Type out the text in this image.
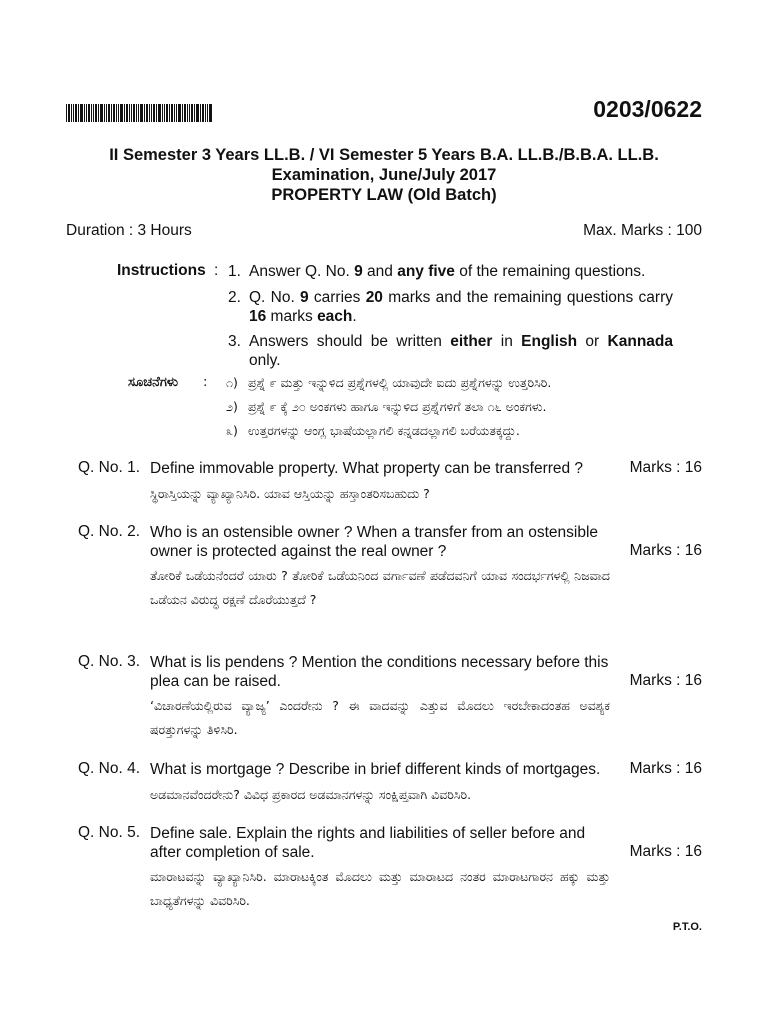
0203/0622
II Semester 3 Years LL.B. / VI Semester 5 Years B.A. LL.B./B.B.A. LL.B.
Examination, June/July 2017
PROPERTY LAW (Old Batch)
Duration : 3 Hours	Max. Marks : 100
Instructions : 1. Answer Q. No. 9 and any five of the remaining questions.
2. Q. No. 9 carries 20 marks and the remaining questions carry 16 marks each.
3. Answers should be written either in English or Kannada only.
ಸೂಚನೆಗಳು : ೧) ಪ್ರಶ್ನೆ ೯ ಮತ್ತು ಇನ್ನುಳಿದ ಪ್ರಶ್ನೆಗಳಲ್ಲಿ ಯಾವುದೇ ಐದು ಪ್ರಶ್ನೆಗಳನ್ನು ಉತ್ತರಿಸಿರಿ.
೨) ಪ್ರಶ್ನೆ ೯ ಕ್ಕೆ ೨೦ ಅಂಕಗಳು ಹಾಗೂ ಇನ್ನುಳಿದ ಪ್ರಶ್ನೆಗಳಿಗೆ ತಲಾ ೧೬ ಅಂಕಗಳು.
೩) ಉತ್ತರಗಳನ್ನು ಆಂಗ್ಲ ಭಾಷೆಯಲ್ಲಾಗಲಿ ಕನ್ನಡದಲ್ಲಾಗಲಿ ಬರೆಯತಕ್ಕದ್ದು.
Q. No. 1. Define immovable property. What property can be transferred ?	Marks : 16
ಸ್ಥಿರಾಸ್ತಿಯನ್ನು ವ್ಯಾಖ್ಯಾನಿಸಿರಿ. ಯಾವ ಆಸ್ತಿಯನ್ನು ಹಸ್ತಾಂತರಿಸಬಹುದು ?
Q. No. 2. Who is an ostensible owner ? When a transfer from an ostensible owner is protected against the real owner ?	Marks : 16
ತೋರಿಕೆ ಒಡೆಯನೆಂದರೆ ಯಾರು ? ತೋರಿಕೆ ಒಡೆಯನಿಂದ ವರ್ಗಾವಣೆ ಪಡೆದವನಿಗೆ ಯಾವ ಸಂದರ್ಭಗಳಲ್ಲಿ ನಿಜವಾದ ಒಡೆಯನ ವಿರುದ್ಧ ರಕ್ಷಣೆ ದೊರೆಯುತ್ತದೆ ?
Q. No. 3. What is lis pendens ? Mention the conditions necessary before this plea can be raised.	Marks : 16
‘ವಿಚಾರಣೆಯಲ್ಲಿರುವ ವ್ಯಾಜ್ಯ’ ಎಂದರೇನು ? ಈ ವಾದವನ್ನು ಎತ್ತುವ ಮೊದಲು ಇರಬೇಕಾದಂತಹ ಅವಶ್ಯಕ ಷರತ್ತುಗಳನ್ನು ತಿಳಿಸಿರಿ.
Q. No. 4. What is mortgage ? Describe in brief different kinds of mortgages.	Marks : 16
ಅಡಮಾನವೆಂದರೇನು? ವಿವಿಧ ಪ್ರಕಾರದ ಅಡಮಾನಗಳನ್ನು ಸಂಕ್ಷಿಪ್ತವಾಗಿ ವಿವರಿಸಿರಿ.
Q. No. 5. Define sale. Explain the rights and liabilities of seller before and after completion of sale.	Marks : 16
ಮಾರಾಟವನ್ನು ವ್ಯಾಖ್ಯಾನಿಸಿರಿ. ಮಾರಾಟಕ್ಕಿಂತ ಮೊದಲು ಮತ್ತು ಮಾರಾಟದ ನಂತರ ಮಾರಾಟಗಾರನ ಹಕ್ಕು ಮತ್ತು ಬಾಧ್ಯತೆಗಳನ್ನು ವಿವರಿಸಿರಿ.
P.T.O.
